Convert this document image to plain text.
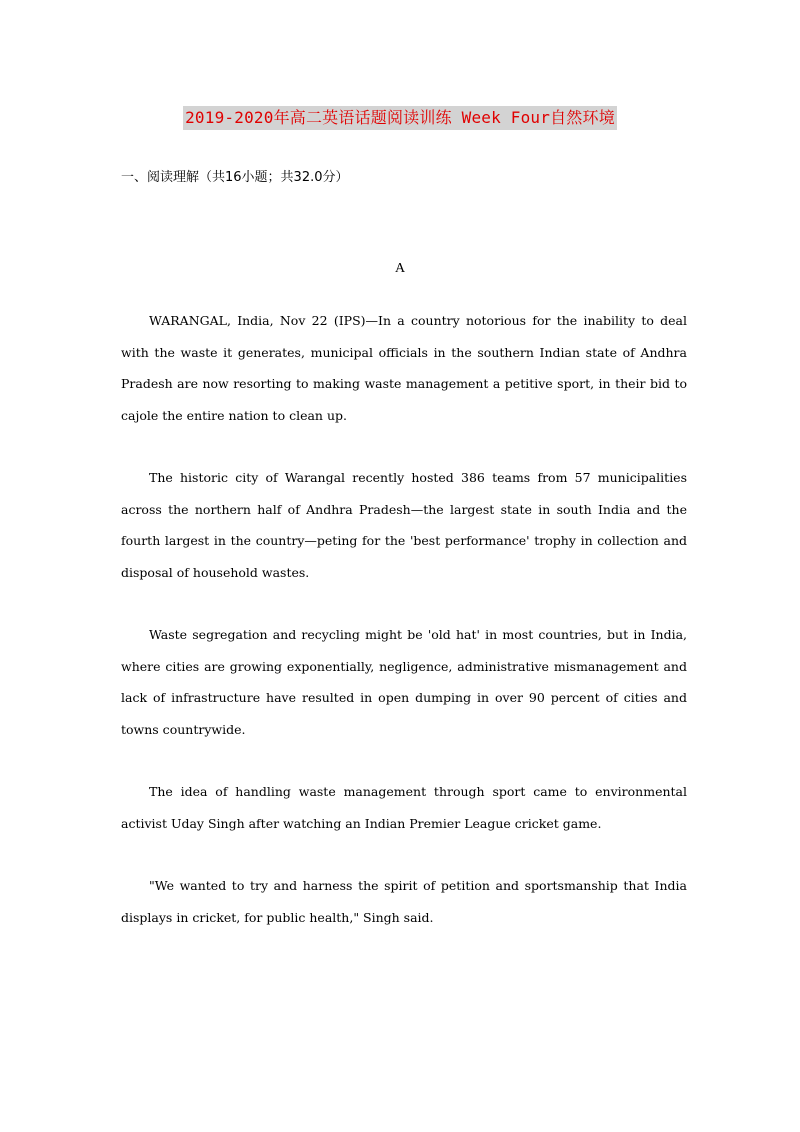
2019-2020年高二英语话题阅读训练 Week Four自然环境
一、阅读理解（共16小题；共32.0分）
A

WARANGAL, India, Nov 22 (IPS)—In a country notorious for the inability to deal with the waste it generates, municipal officials in the southern Indian state of Andhra Pradesh are now resorting to making waste management a petitive sport, in their bid to cajole the entire nation to clean up.

The historic city of Warangal recently hosted 386 teams from 57 municipalities across the northern half of Andhra Pradesh—the largest state in south India and the fourth largest in the country—peting for the 'best performance' trophy in collection and disposal of household wastes.

Waste segregation and recycling might be 'old hat' in most countries, but in India, where cities are growing exponentially, negligence, administrative mismanagement and lack of infrastructure have resulted in open dumping in over 90 percent of cities and towns countrywide.

The idea of handling waste management through sport came to environmental activist Uday Singh after watching an Indian Premier League cricket game.

"We wanted to try and harness the spirit of petition and sportsmanship that India displays in cricket, for public health," Singh said.
